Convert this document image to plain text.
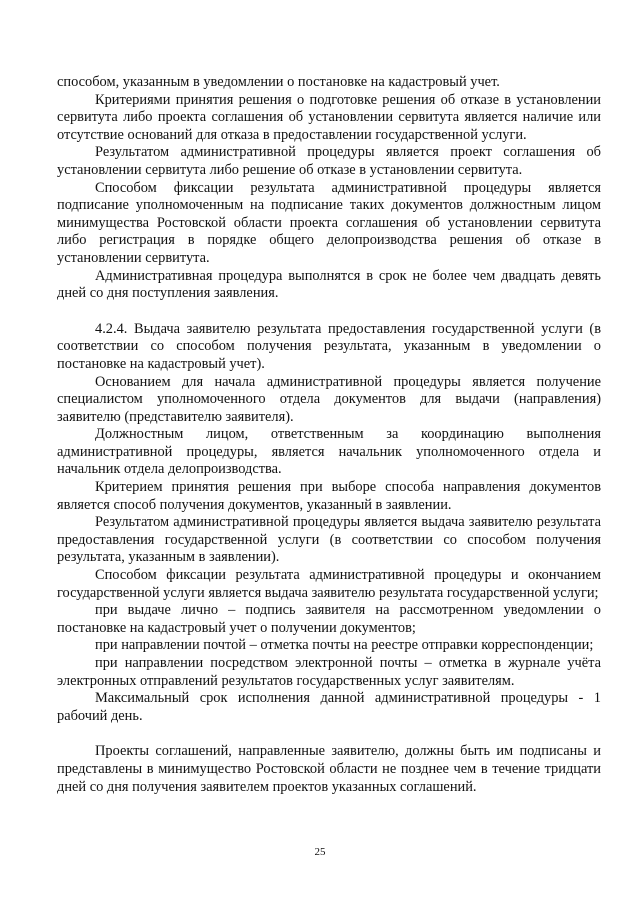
способом, указанным в уведомлении о постановке на кадастровый учет.

Критериями принятия решения о подготовке решения об отказе в установлении сервитута либо проекта соглашения об установлении сервитута является наличие или отсутствие оснований для отказа в предоставлении государственной услуги.

Результатом административной процедуры является проект соглашения об установлении сервитута либо решение об отказе в установлении сервитута.

Способом фиксации результата административной процедуры является подписание уполномоченным на подписание таких документов должностным лицом минимущества Ростовской области проекта соглашения об установлении сервитута либо регистрация в порядке общего делопроизводства решения об отказе в установлении сервитута.

Административная процедура выполнятся в срок не более чем двадцать девять дней со дня поступления заявления.

4.2.4. Выдача заявителю результата предоставления государственной услуги (в соответствии со способом получения результата, указанным в уведомлении о постановке на кадастровый учет).

Основанием для начала административной процедуры является получение специалистом уполномоченного отдела документов для выдачи (направления) заявителю (представителю заявителя).

Должностным лицом, ответственным за координацию выполнения административной процедуры, является начальник уполномоченного отдела и начальник отдела делопроизводства.

Критерием принятия решения при выборе способа направления документов является способ получения документов, указанный в заявлении.

Результатом административной процедуры является выдача заявителю результата предоставления государственной услуги (в соответствии со способом получения результата, указанным в заявлении).

Способом фиксации результата административной процедуры и окончанием государственной услуги является выдача заявителю результата государственной услуги;

при выдаче лично – подпись заявителя на рассмотренном уведомлении о постановке на кадастровый учет о получении документов;

при направлении почтой – отметка почты на реестре отправки корреспонденции;

при направлении посредством электронной почты – отметка в журнале учёта электронных отправлений результатов государственных услуг заявителям.

Максимальный срок исполнения данной административной процедуры - 1 рабочий день.

Проекты соглашений, направленные заявителю, должны быть им подписаны и представлены в минимущество Ростовской области не позднее чем в течение тридцати дней со дня получения заявителем проектов указанных соглашений.

25
